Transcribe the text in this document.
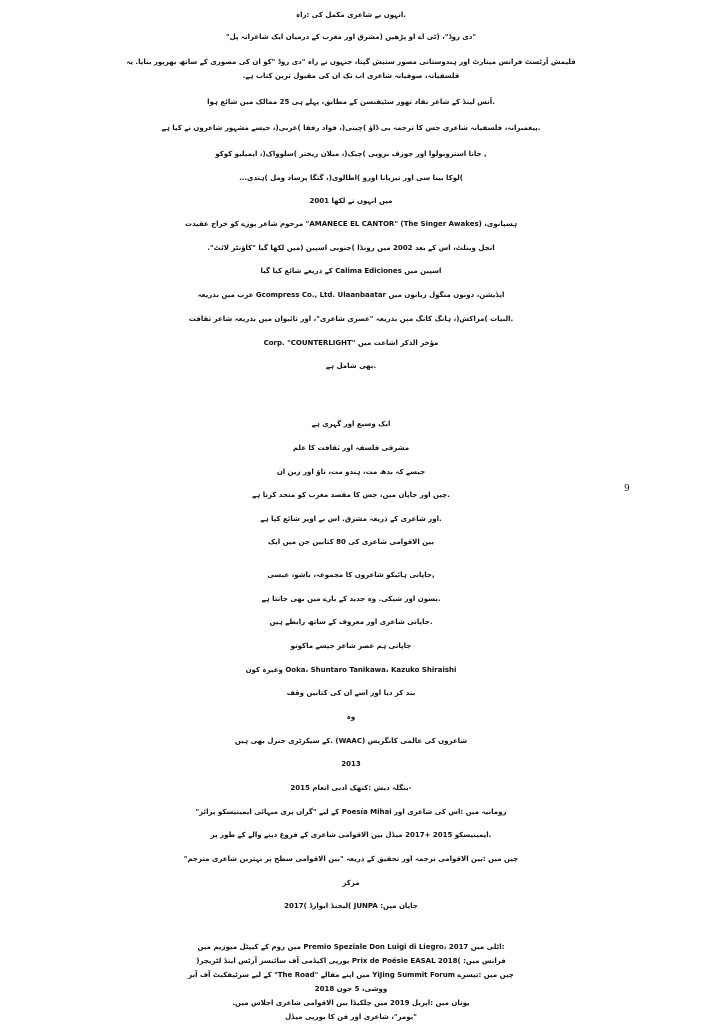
انہوں نے شاعری مکمل کی :راہ.
"دی روڈ"، (ٹی اے او پڑھیں (مشرق اور مغرب کے درمیان ایک شاعرانہ پل"
فلیمش آرٹسٹ فرانس مینارٹ اور ہندوستانی مصور ستیش گپتا، جنہوں نے راہ "دی روڈ "کو ان کی مصوری کے ساتھ بھرپور بنایا. یہ
.فلسفیانہ، صوفیانہ شاعری اب تک ان کی مقبول ترین کتاب ہے
آنس لینڈ کے شاعر نقاد تھور سٹیفنسن کے مطابق، پہلے ہی 25 ممالک میں شائع ہوا.
پیغمبرانہ، فلسفیانہ شاعری جس کا ترجمہ بی ڈاؤ )چینی(، فواد رفقا )عربی(، جیسے مشہور شاعروں نے کیا ہے.
جانا استروبولوا اور جوزف برویی )چیک(، میلان ریختر )سلوواک(، ایمیلیو کوکو ,
...لوکا بینا سی اور تیزیانا اورو )اطالوی(، گنگا پرساد ومل )ہندی(
میں انہوں نے لکھا 2001
مرحوم شاعر بوزے کو خراج عقیدت "AMANECE EL CANTOR" (The Singer Awakes) ،ہسپانوی
."انجل وینلٹ، اس کے بعد 2002 میں رونڈا )جنوبی اسپین (میں لکھا گیا "کاؤنٹر لائٹ
کے ذریعے شائع کیا گیا Calima Ediciones اسپین میں
عرب میں بذریعہ Gcompress Co., Ltd. Ulaanbaatar ایڈیشن، دونوں منگول زبانوں میں
البیات )مراکش(، ہانگ کانگ میں بذریعہ "عصری شاعری"، اور تائیوان میں بذریعہ شاعر ثقافت.
Corp. "COUNTERLIGHT" مؤخر الذکر اشاعت میں
بھی شامل ہے.
ایک وسیع اور گہری ہے
مشرقی فلسفہ اور ثقافت کا علم
جیسے کہ بدھ مت، ہندو مت، تاؤ اور زین ان
چین اور جاپان میں، جس کا مقصد مغرب کو متحد کرنا ہے.
9
اور شاعری کے ذریعہ مشرق. اس نے اوپر شائع کیا ہے.
بین الاقوامی شاعری کی 80 کتابیں جن میں ایک
جاپانی ہائیکو شاعروں کا مجموعہ، باشو، عیسی,
بسون اور شیکی. وہ جدید کے بارے میں بھی جانتا ہے.
جاپانی شاعری اور معروف کے ساتھ رابطے ہیں.
جاپانی ہم عصر شاعر جیسے ماکوتو
وغیرہ کون Ooka، Shuntaro Tanikawa، Kazuko Shiraishi
بند کر دیا اور اسے ان کی کتابیں وقف
وہ
کے سیکرٹری جنرل بھی ہیں. (WAAC) شاعروں کی عالمی کانگریس
2013
بنگلہ دیش :کتھک ادبی انعام 2015-
"کے لیے "گراں پری میہائی ایمینیسکو پرائز Poesía Mihai رومانیہ میں :اس کی شاعری اور
ایمینیسکو 2015 +2017 میڈل بین الاقوامی شاعری کے فروغ دینے والے کے طور پر.
"چین میں :بین الاقوامی ترجمہ اور تحقیق کے ذریعہ "بین الاقوامی سطح پر بہترین شاعری مترجم
مرکز
لیجنڈ ایوارڈ )2017( JUNPA :جاپان میں
میں روم کے کیپٹل میوزیم میں Premio Speziale Don Luigi di Liegro، 2017 اٹلی میں:
)یورپی اکیڈمی آف سائنسز آرٹس اینڈ لٹریچر Prix de Poésie EASAL 2018( :فرانس میں
کے لیے سرٹیفکیٹ آف آنر "The Road" میں اپنے مقالے YiJing Summit Forum چین میں :تیسرے
ووشی، 5 جون 2018
.یونان میں :اپریل 2019 میں چلکیڈا بین الاقوامی شاعری اجلاس میں
بومر"، شاعری اور فن کا یورپی میڈل"
